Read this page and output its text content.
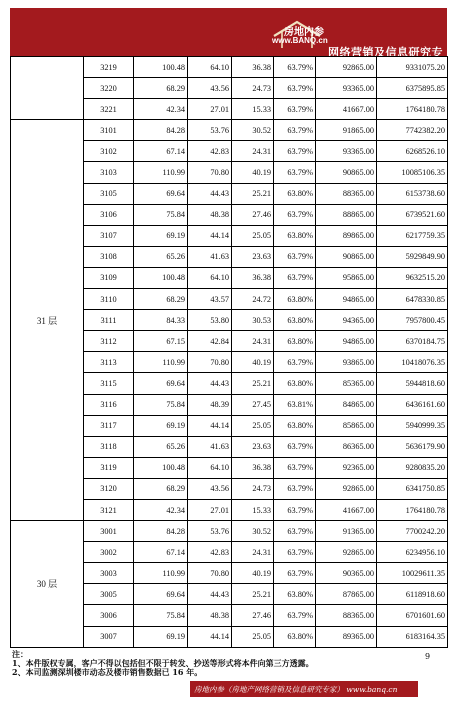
房地内参
www.BANQ.cn
网络营销及信息研究专家
	3219	100.48	64.10	36.38	63.79%	92865.00	9331075.20
	3220	68.29	43.56	24.73	63.79%	93365.00	6375895.85
	3221	42.34	27.01	15.33	63.79%	41667.00	1764180.78
31 层	3101	84.28	53.76	30.52	63.79%	91865.00	7742382.20
	3102	67.14	42.83	24.31	63.79%	93365.00	6268526.10
	3103	110.99	70.80	40.19	63.79%	90865.00	10085106.35
	3105	69.64	44.43	25.21	63.80%	88365.00	6153738.60
	3106	75.84	48.38	27.46	63.79%	88865.00	6739521.60
	3107	69.19	44.14	25.05	63.80%	89865.00	6217759.35
	3108	65.26	41.63	23.63	63.79%	90865.00	5929849.90
	3109	100.48	64.10	36.38	63.79%	95865.00	9632515.20
	3110	68.29	43.57	24.72	63.80%	94865.00	6478330.85
	3111	84.33	53.80	30.53	63.80%	94365.00	7957800.45
	3112	67.15	42.84	24.31	63.80%	94865.00	6370184.75
	3113	110.99	70.80	40.19	63.79%	93865.00	10418076.35
	3115	69.64	44.43	25.21	63.80%	85365.00	5944818.60
	3116	75.84	48.39	27.45	63.81%	84865.00	6436161.60
	3117	69.19	44.14	25.05	63.80%	85865.00	5940999.35
	3118	65.26	41.63	23.63	63.79%	86365.00	5636179.90
	3119	100.48	64.10	36.38	63.79%	92365.00	9280835.20
	3120	68.29	43.56	24.73	63.79%	92865.00	6341750.85
	3121	42.34	27.01	15.33	63.79%	41667.00	1764180.78
30 层	3001	84.28	53.76	30.52	63.79%	91365.00	7700242.20
	3002	67.14	42.83	24.31	63.79%	92865.00	6234956.10
	3003	110.99	70.80	40.19	63.79%	90365.00	10029611.35
	3005	69.64	44.43	25.21	63.80%	87865.00	6118918.60
	3006	75.84	48.38	27.46	63.79%	88365.00	6701601.60
	3007	69.19	44.14	25.05	63.80%	89365.00	6183164.35
注：
1、本件版权专属，客户不得以包括但不限于转发、抄送等形式将本件向第三方透露。
2、本司监测深圳楼市动态及楼市销售数据已 16 年。
9
房地内参（房地产网络营销及信息研究专家） www.banq.cn
